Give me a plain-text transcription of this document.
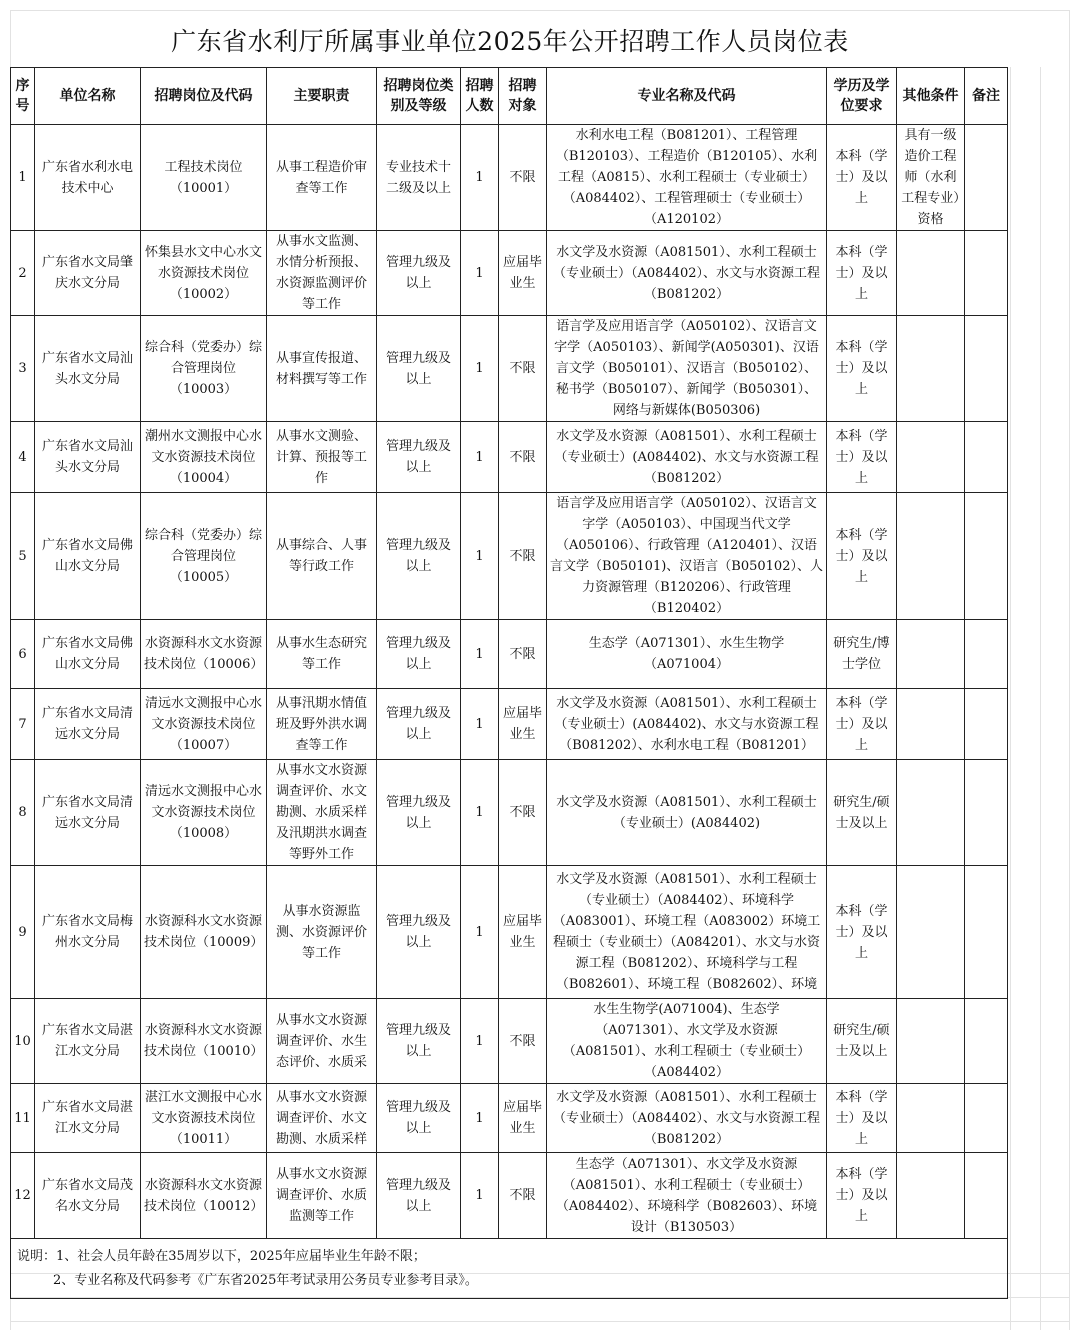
广东省水利厅所属事业单位2025年公开招聘工作人员岗位表
序号	单位名称	招聘岗位及代码	主要职责	招聘岗位类别及等级	招聘人数	招聘对象	专业名称及代码	学历及学位要求	其他条件	备注
1	广东省水利水电技术中心	工程技术岗位（10001）	从事工程造价审查等工作	专业技术十二级及以上	1	不限	水利水电工程（B081201）、工程管理（B120103）、工程造价（B120105）、水利工程（A0815）、水利工程硕士（专业硕士）（A084402）、工程管理硕士（专业硕士）（A120102）	本科（学士）及以上	具有一级造价工程师（水利工程专业）资格	
2	广东省水文局肇庆水文分局	怀集县水文中心水文水资源技术岗位（10002）	从事水文监测、水情分析预报、水资源监测评价等工作	管理九级及以上	1	应届毕业生	水文学及水资源（A081501）、水利工程硕士（专业硕士）（A084402）、水文与水资源工程（B081202）	本科（学士）及以上		
3	广东省水文局汕头水文分局	综合科（党委办）综合管理岗位（10003）	从事宣传报道、材料撰写等工作	管理九级及以上	1	不限	语言学及应用语言学（A050102）、汉语言文字学（A050103）、新闻学(A050301)、汉语言文学（B050101）、汉语言（B050102）、秘书学（B050107）、新闻学（B050301）、网络与新媒体(B050306)	本科（学士）及以上		
4	广东省水文局汕头水文分局	潮州水文测报中心水文水资源技术岗位（10004）	从事水文测验、计算、预报等工作	管理九级及以上	1	不限	水文学及水资源（A081501）、水利工程硕士（专业硕士）(A084402)、水文与水资源工程（B081202）	本科（学士）及以上		
5	广东省水文局佛山水文分局	综合科（党委办）综合管理岗位（10005）	从事综合、人事等行政工作	管理九级及以上	1	不限	语言学及应用语言学（A050102）、汉语言文字学（A050103）、中国现当代文学（A050106）、行政管理（A120401）、汉语言文学（B050101)、汉语言（B050102）、人力资源管理（B120206）、行政管理（B120402）	本科（学士）及以上		
6	广东省水文局佛山水文分局	水资源科水文水资源技术岗位（10006）	从事水生态研究等工作	管理九级及以上	1	不限	生态学（A071301）、水生生物学（A071004）	研究生/博士学位		
7	广东省水文局清远水文分局	清远水文测报中心水文水资源技术岗位（10007）	从事汛期水情值班及野外洪水调查等工作	管理九级及以上	1	应届毕业生	水文学及水资源（A081501）、水利工程硕士（专业硕士）(A084402)、水文与水资源工程（B081202）、水利水电工程（B081201）	本科（学士）及以上		
8	广东省水文局清远水文分局	清远水文测报中心水文水资源技术岗位（10008）	从事水文水资源调查评价、水文勘测、水质采样及汛期洪水调查等野外工作	管理九级及以上	1	不限	水文学及水资源（A081501）、水利工程硕士（专业硕士）(A084402)	研究生/硕士及以上		
9	广东省水文局梅州水文分局	水资源科水文水资源技术岗位（10009）	从事水资源监测、水资源评价等工作	管理九级及以上	1	应届毕业生	水文学及水资源（A081501）、水利工程硕士（专业硕士）（A084402）、环境科学（A083001）、环境工程（A083002）环境工程硕士（专业硕士）（A084201）、水文与水资源工程（B081202）、环境科学与工程（B082601）、环境工程（B082602）、环境	本科（学士）及以上		
10	广东省水文局湛江水文分局	水资源科水文水资源技术岗位（10010）	从事水文水资源调查评价、水生态评价、水质采	管理九级及以上	1	不限	水生生物学(A071004)、生态学（A071301）、水文学及水资源（A081501）、水利工程硕士（专业硕士）（A084402）	研究生/硕士及以上		
11	广东省水文局湛江水文分局	湛江水文测报中心水文水资源技术岗位（10011）	从事水文水资源调查评价、水文勘测、水质采样	管理九级及以上	1	应届毕业生	水文学及水资源（A081501）、水利工程硕士（专业硕士）（A084402）、水文与水资源工程（B081202）	本科（学士）及以上		
12	广东省水文局茂名水文分局	水资源科水文水资源技术岗位（10012）	从事水文水资源调查评价、水质监测等工作	管理九级及以上	1	不限	生态学（A071301）、水文学及水资源（A081501）、水利工程硕士（专业硕士）（A084402）、环境科学（B082603）、环境设计（B130503）	本科（学士）及以上		

说明：1、社会人员年龄在35周岁以下，2025年应届毕业生年龄不限；
2、专业名称及代码参考《广东省2025年考试录用公务员专业参考目录》。										
